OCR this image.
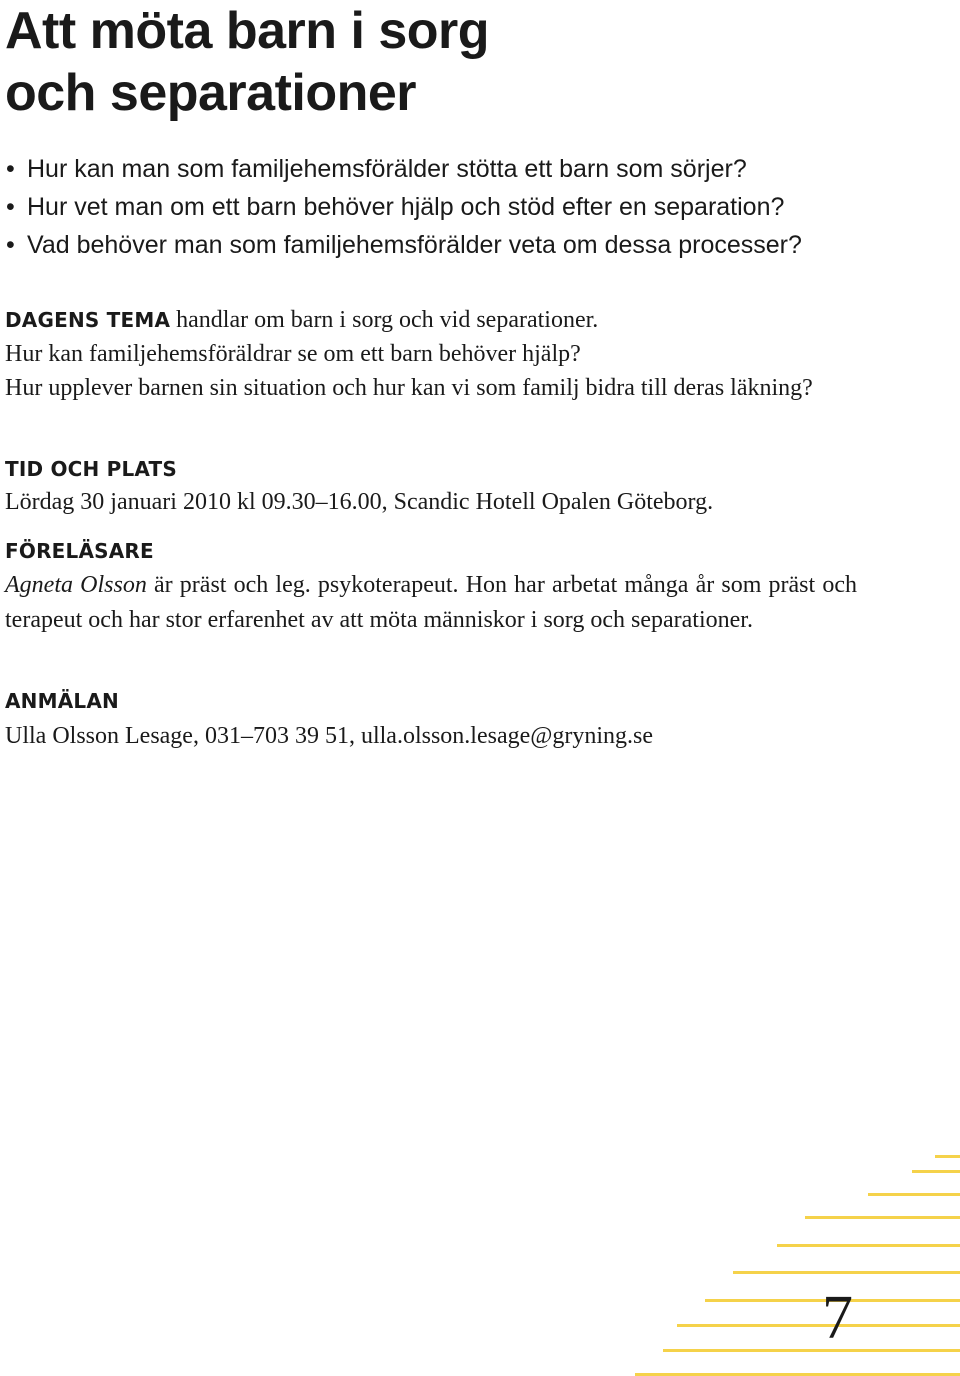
Att möta barn i sorg
och separationer
• Hur kan man som familjehemsförälder stötta ett barn som sörjer?
• Hur vet man om ett barn behöver hjälp och stöd efter en separation?
• Vad behöver man som familjehemsförälder veta om dessa processer?
DAGENS TEMA handlar om barn i sorg och vid separationer.
Hur kan familjehemsföräldrar se om ett barn behöver hjälp?
Hur upplever barnen sin situation och hur kan vi som familj bidra till deras läkning?
TID OCH PLATS
Lördag 30 januari 2010 kl 09.30–16.00, Scandic Hotell Opalen Göteborg.
FÖRELÄSARE
Agneta Olsson är präst och leg. psykoterapeut. Hon har arbetat många år som präst och terapeut och har stor erfarenhet av att möta människor i sorg och separationer.
ANMÄLAN
Ulla Olsson Lesage, 031–703 39 51, ulla.olsson.lesage@gryning.se
7
